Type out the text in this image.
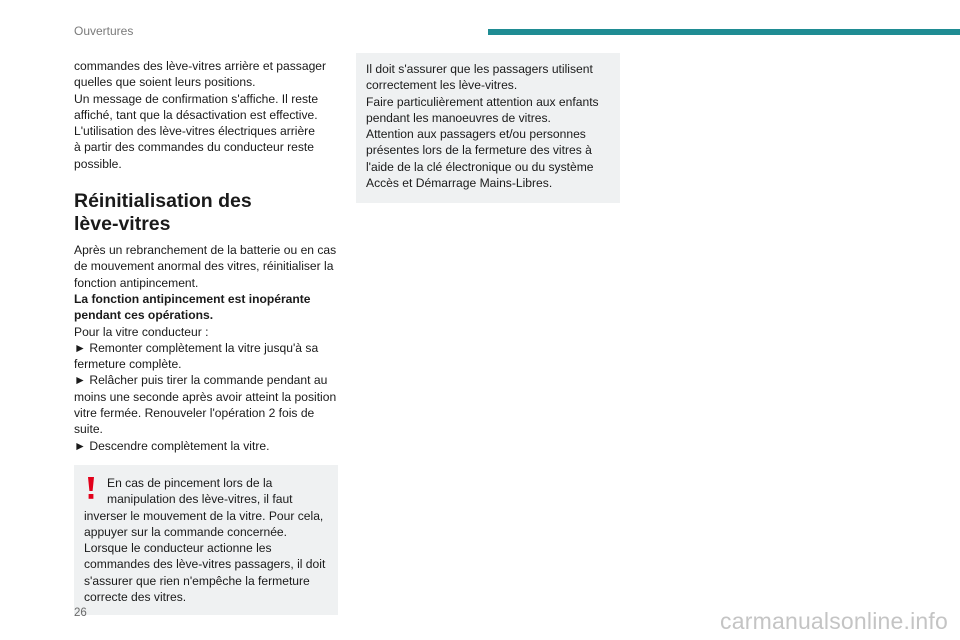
Ouvertures

commandes des lève-vitres arrière et passager

quelles que soient leurs positions.

Un message de confirmation s'affiche. Il reste

affiché, tant que la désactivation est effective.

L'utilisation des lève-vitres électriques arrière

à partir des commandes du conducteur reste

possible.

Réinitialisation des
lève-vitres

Après un rebranchement de la batterie ou en cas

de mouvement anormal des vitres, réinitialiser la

fonction antipincement.

La fonction antipincement est inopérante

pendant ces opérations.

Pour la vitre conducteur :

► Remonter complètement la vitre jusqu'à sa

fermeture complète.

► Relâcher puis tirer la commande pendant au

moins une seconde après avoir atteint la position

vitre fermée. Renouveler l'opération 2 fois de

suite.

► Descendre complètement la vitre.

En cas de pincement lors de la
manipulation des lève-vitres, il faut
inverser le mouvement de la vitre. Pour cela,
appuyer sur la commande concernée.
Lorsque le conducteur actionne les
commandes des lève-vitres passagers, il doit
s'assurer que rien n'empêche la fermeture
correcte des vitres.

Il doit s'assurer que les passagers utilisent

correctement les lève-vitres.

Faire particulièrement attention aux enfants

pendant les manoeuvres de vitres.

Attention aux passagers et/ou personnes

présentes lors de la fermeture des vitres à

l'aide de la clé électronique ou du système

Accès et Démarrage Mains-Libres.

26	carmanualsonline.info
